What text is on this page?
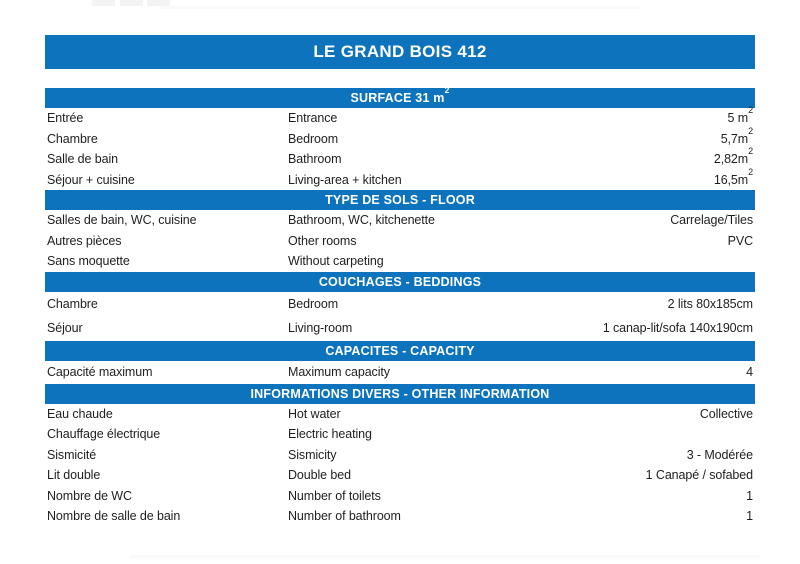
LE GRAND BOIS 412
SURFACE 31 $m^2$
Entrée	Entrance	5 $m^2$
Chambre	Bedroom	$5,7m^2$
Salle de bain	Bathroom	$2,82m^2$
Séjour + cuisine	Living-area + kitchen	$16,5m^2$
TYPE DE SOLS - FLOOR
Salles de bain, WC, cuisine	Bathroom, WC, kitchenette	Carrelage/Tiles
Autres pièces	Other rooms	PVC
Sans moquette	Without carpeting
COUCHAGES - BEDDINGS
Chambre	Bedroom	2 lits 80x185cm
Séjour	Living-room	1 canap-lit/sofa 140x190cm
CAPACITES - CAPACITY
Capacité maximum	Maximum capacity	4
INFORMATIONS DIVERS - OTHER INFORMATION
Eau chaude	Hot water	Collective
Chauffage électrique	Electric heating
Sismicité	Sismicity	3 - Modérée
Lit double	Double bed	1 Canapé / sofabed
Nombre de WC	Number of toilets	1
Nombre de salle de bain	Number of bathroom	1
